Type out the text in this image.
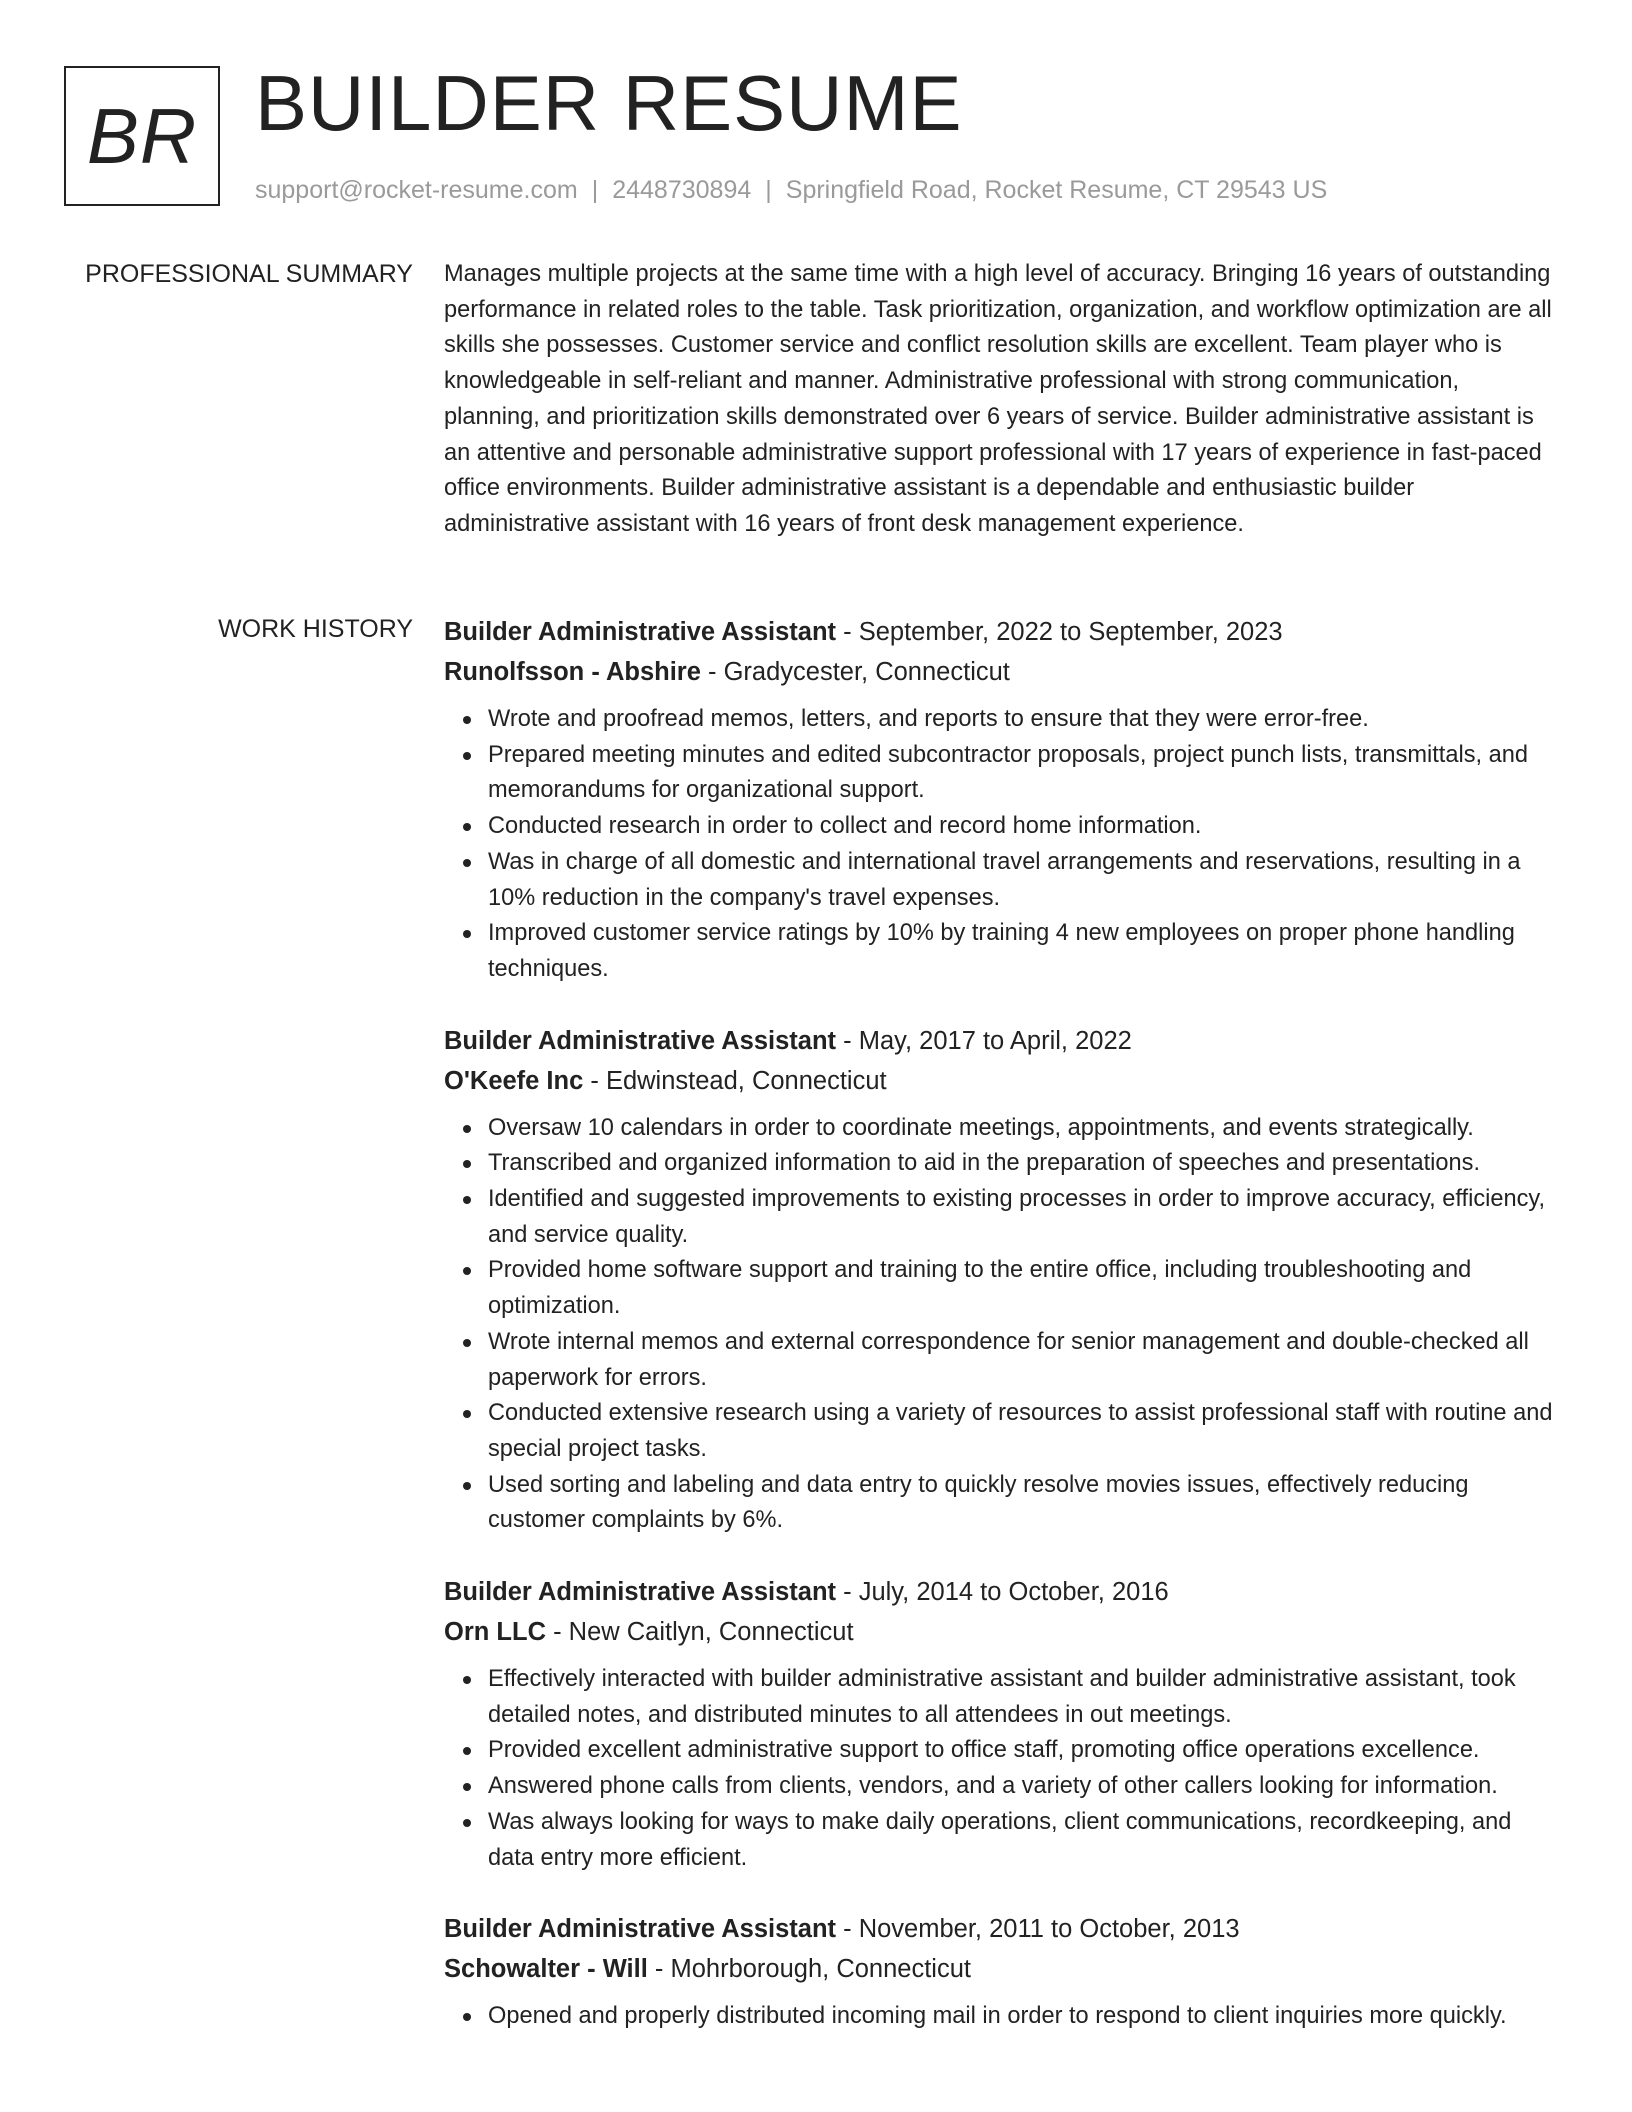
BR BUILDER RESUME
support@rocket-resume.com | 2448730894 | Springfield Road, Rocket Resume, CT 29543 US
PROFESSIONAL SUMMARY Manages multiple projects at the same time with a high level of accuracy. Bringing 16 years of outstanding performance in related roles to the table. Task prioritization, organization, and workflow optimization are all skills she possesses. Customer service and conflict resolution skills are excellent. Team player who is knowledgeable in self-reliant and manner. Administrative professional with strong communication, planning, and prioritization skills demonstrated over 6 years of service. Builder administrative assistant is an attentive and personable administrative support professional with 17 years of experience in fast-paced office environments. Builder administrative assistant is a dependable and enthusiastic builder administrative assistant with 16 years of front desk management experience.

WORK HISTORY Builder Administrative Assistant - September, 2022 to September, 2023
Runolfsson - Abshire - Gradycester, Connecticut
Wrote and proofread memos, letters, and reports to ensure that they were error-free.
Prepared meeting minutes and edited subcontractor proposals, project punch lists, transmittals, and memorandums for organizational support.
Conducted research in order to collect and record home information.
Was in charge of all domestic and international travel arrangements and reservations, resulting in a 10% reduction in the company's travel expenses.
Improved customer service ratings by 10% by training 4 new employees on proper phone handling techniques.
Builder Administrative Assistant - May, 2017 to April, 2022
O'Keefe Inc - Edwinstead, Connecticut
Oversaw 10 calendars in order to coordinate meetings, appointments, and events strategically.
Transcribed and organized information to aid in the preparation of speeches and presentations.
Identified and suggested improvements to existing processes in order to improve accuracy, efficiency, and service quality.
Provided home software support and training to the entire office, including troubleshooting and optimization.
Wrote internal memos and external correspondence for senior management and double-checked all paperwork for errors.
Conducted extensive research using a variety of resources to assist professional staff with routine and special project tasks.
Used sorting and labeling and data entry to quickly resolve movies issues, effectively reducing customer complaints by 6%.
Builder Administrative Assistant - July, 2014 to October, 2016
Orn LLC - New Caitlyn, Connecticut
Effectively interacted with builder administrative assistant and builder administrative assistant, took detailed notes, and distributed minutes to all attendees in out meetings.
Provided excellent administrative support to office staff, promoting office operations excellence.
Answered phone calls from clients, vendors, and a variety of other callers looking for information.
Was always looking for ways to make daily operations, client communications, recordkeeping, and data entry more efficient.
Builder Administrative Assistant - November, 2011 to October, 2013
Schowalter - Will - Mohrborough, Connecticut
Opened and properly distributed incoming mail in order to respond to client inquiries more quickly.
